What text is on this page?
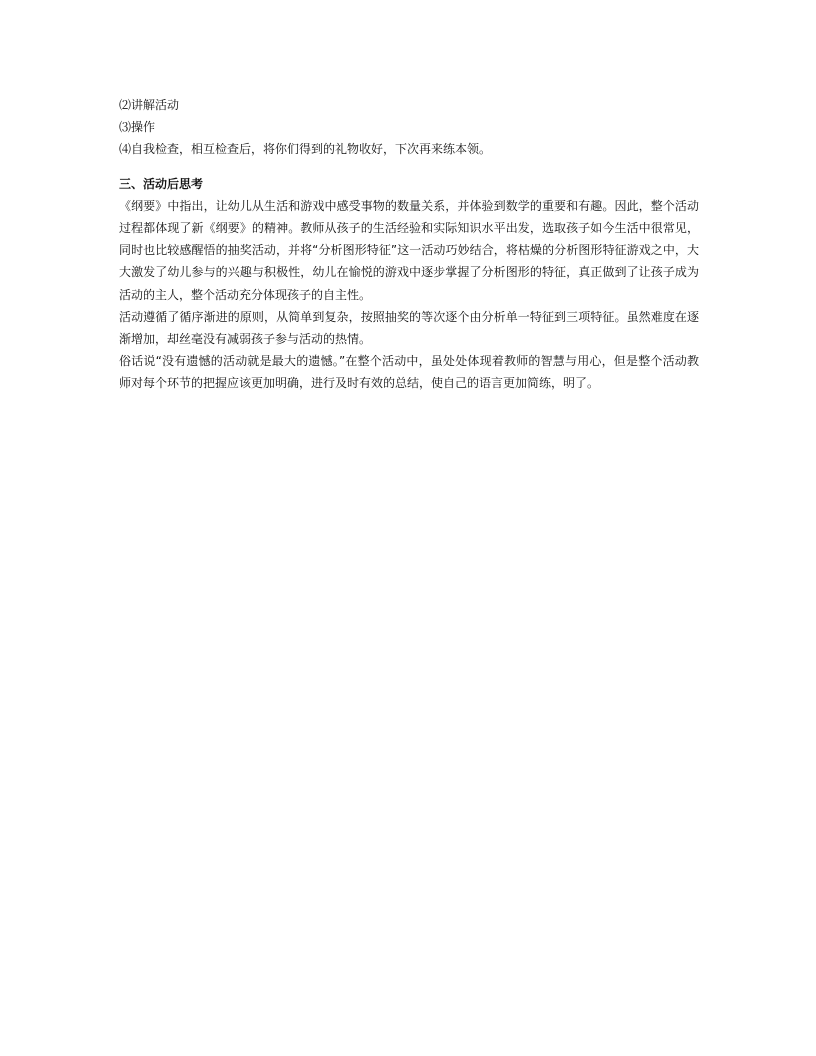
⑵讲解活动
⑶操作
⑷自我检查，相互检查后，将你们得到的礼物收好，下次再来练本领。
三、活动后思考
《纲要》中指出，让幼儿从生活和游戏中感受事物的数量关系，并体验到数学的重要和有趣。因此，整个活动过程都体现了新《纲要》的精神。教师从孩子的生活经验和实际知识水平出发，选取孩子如今生活中很常见，同时也比较感醒悟的抽奖活动，并将“分析图形特征”这一活动巧妙结合，将枯燥的分析图形特征游戏之中，大大激发了幼儿参与的兴趣与积极性，幼儿在愉悦的游戏中逐步掌握了分析图形的特征，真正做到了让孩子成为活动的主人，整个活动充分体现孩子的自主性。
活动遵循了循序渐进的原则，从简单到复杂，按照抽奖的等次逐个由分析单一特征到三项特征。虽然难度在逐渐增加，却丝毫没有减弱孩子参与活动的热情。
俗话说“没有遗憾的活动就是最大的遗憾。”在整个活动中，虽处处体现着教师的智慧与用心，但是整个活动教师对每个环节的把握应该更加明确，进行及时有效的总结，使自己的语言更加简练，明了。
